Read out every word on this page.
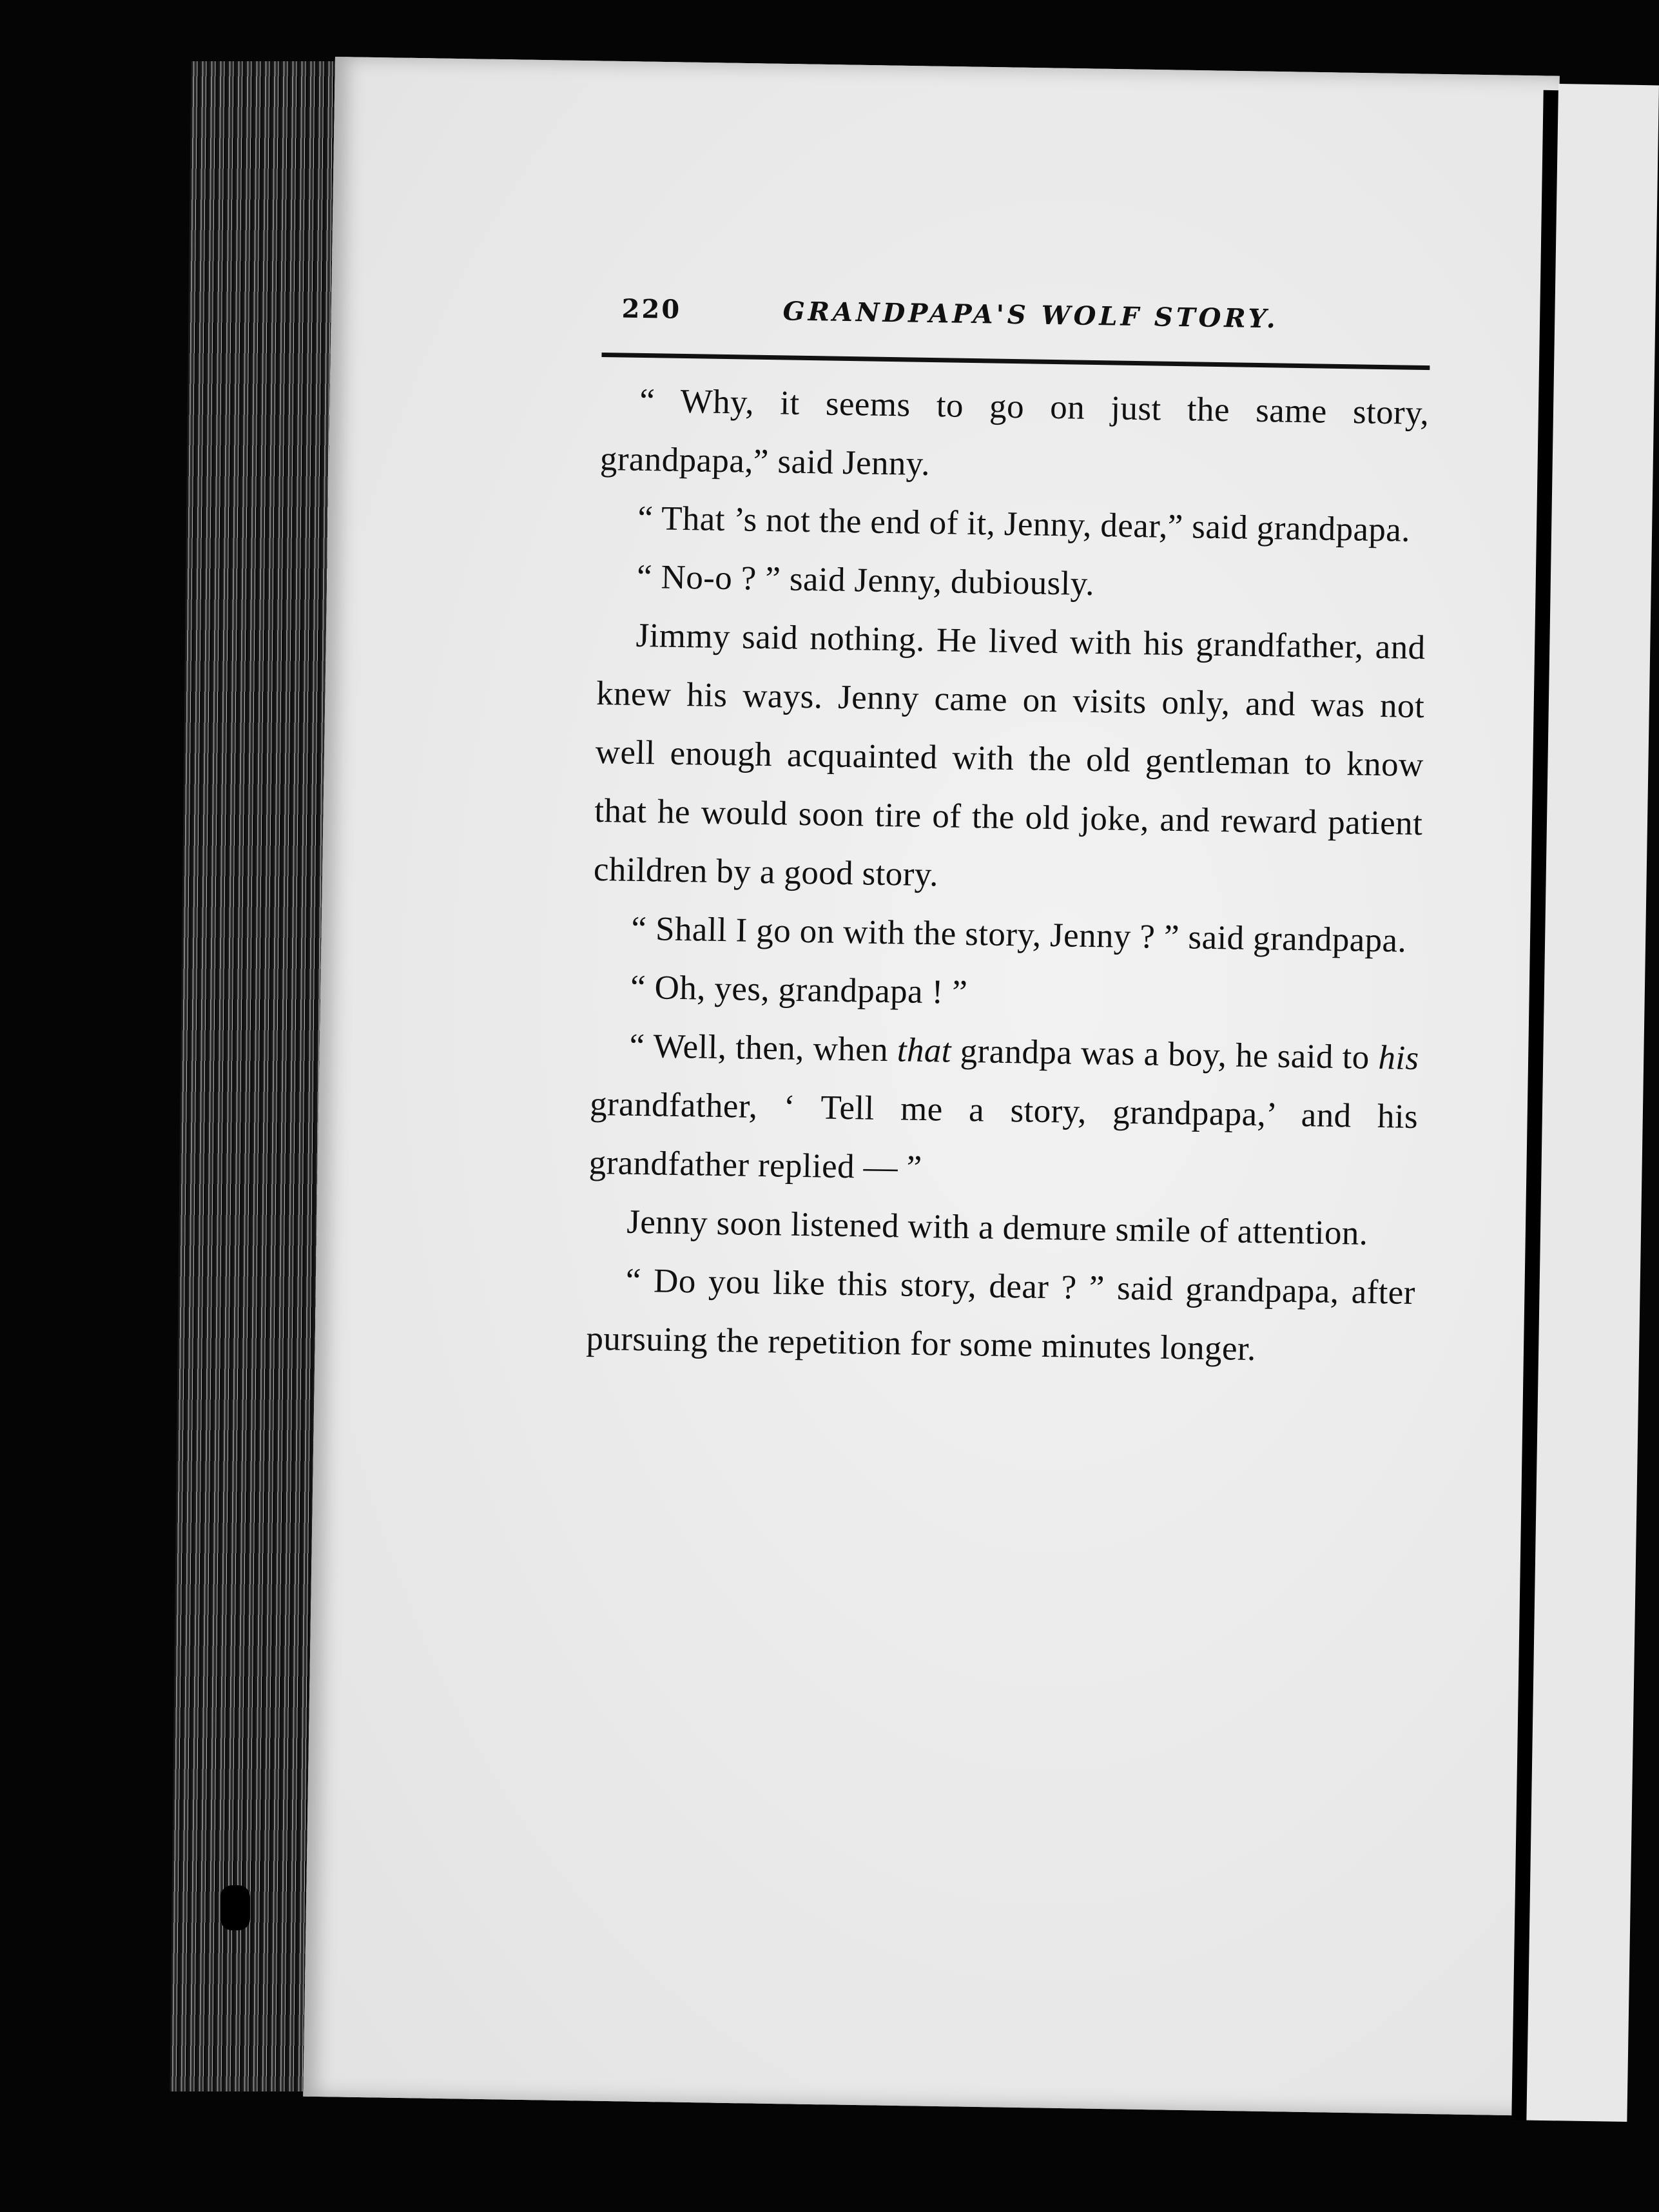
220	GRANDPAPA'S WOLF STORY.

“ Why, it seems to go on just the same story, grandpapa,” said Jenny.

“ That ’s not the end of it, Jenny, dear,” said grandpapa.

“ No-o ? ” said Jenny, dubiously.

Jimmy said nothing. He lived with his grandfather, and knew his ways. Jenny came on visits only, and was not well enough acquainted with the old gentleman to know that he would soon tire of the old joke, and reward patient children by a good story.

“ Shall I go on with the story, Jenny ? ” said grandpapa.

“ Oh, yes, grandpapa ! ”

“ Well, then, when that grandpa was a boy, he said to his grandfather, ‘ Tell me a story, grandpapa,’ and his grandfather replied — ”

Jenny soon listened with a demure smile of attention.

“ Do you like this story, dear ? ” said grandpapa, after pursuing the repetition for some minutes longer.
